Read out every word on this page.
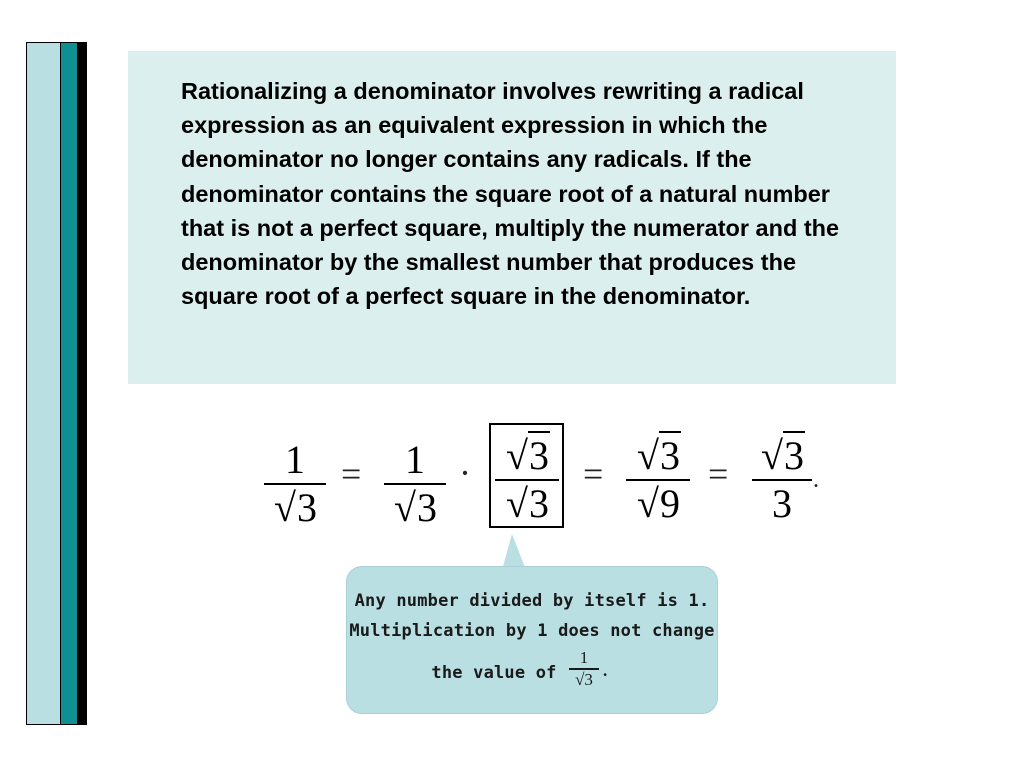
Rationalizing a denominator involves rewriting a radical expression as an equivalent expression in which the denominator no longer contains any radicals. If the denominator contains the square root of a natural number that is not a perfect square, multiply the numerator and the denominator by the smallest number that produces the square root of a perfect square in the denominator.

1
√3
=	1
√3
· √3
√3
= √3
√9
= √3
3
.
Any number divided by itself is 1.
Multiplication by 1 does not change
the value of
1
√3 .
